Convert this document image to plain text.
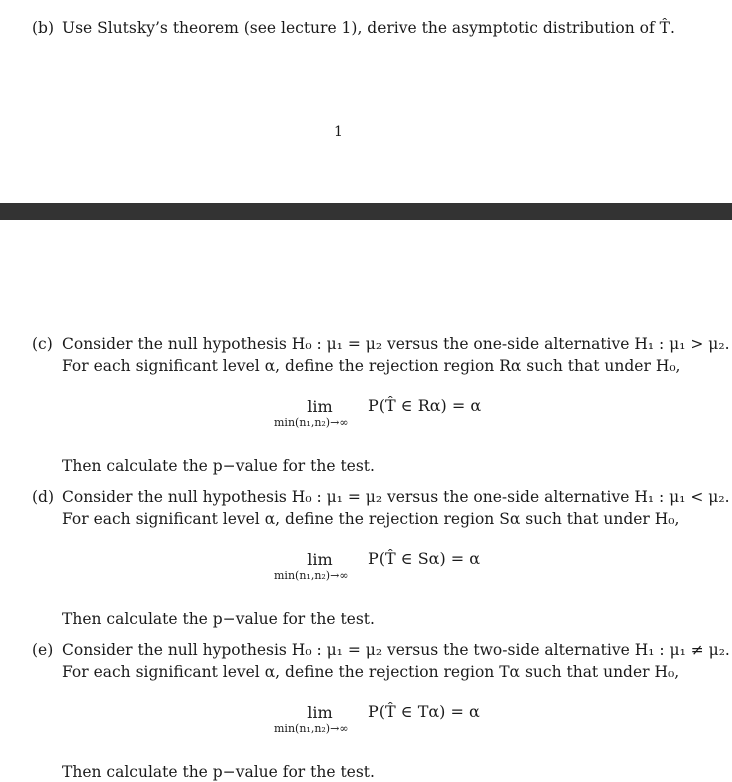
(b) Use Slutsky’s theorem (see lecture 1), derive the asymptotic distribution of T̂.
1
(c) Consider the null hypothesis H₀ : μ₁ = μ₂ versus the one-side alternative H₁ : μ₁ > μ₂.
For each significant level α, define the rejection region Rα such that under H₀,
lim
min(n₁,n₂)→∞
P(T̂ ∈ Rα) = α
Then calculate the p−value for the test.
(d) Consider the null hypothesis H₀ : μ₁ = μ₂ versus the one-side alternative H₁ : μ₁ < μ₂.
For each significant level α, define the rejection region Sα such that under H₀,
lim
min(n₁,n₂)→∞
P(T̂ ∈ Sα) = α
Then calculate the p−value for the test.
(e) Consider the null hypothesis H₀ : μ₁ = μ₂ versus the two-side alternative H₁ : μ₁ ≠ μ₂.
For each significant level α, define the rejection region Tα such that under H₀,
lim
min(n₁,n₂)→∞
P(T̂ ∈ Tα) = α
Then calculate the p−value for the test.
